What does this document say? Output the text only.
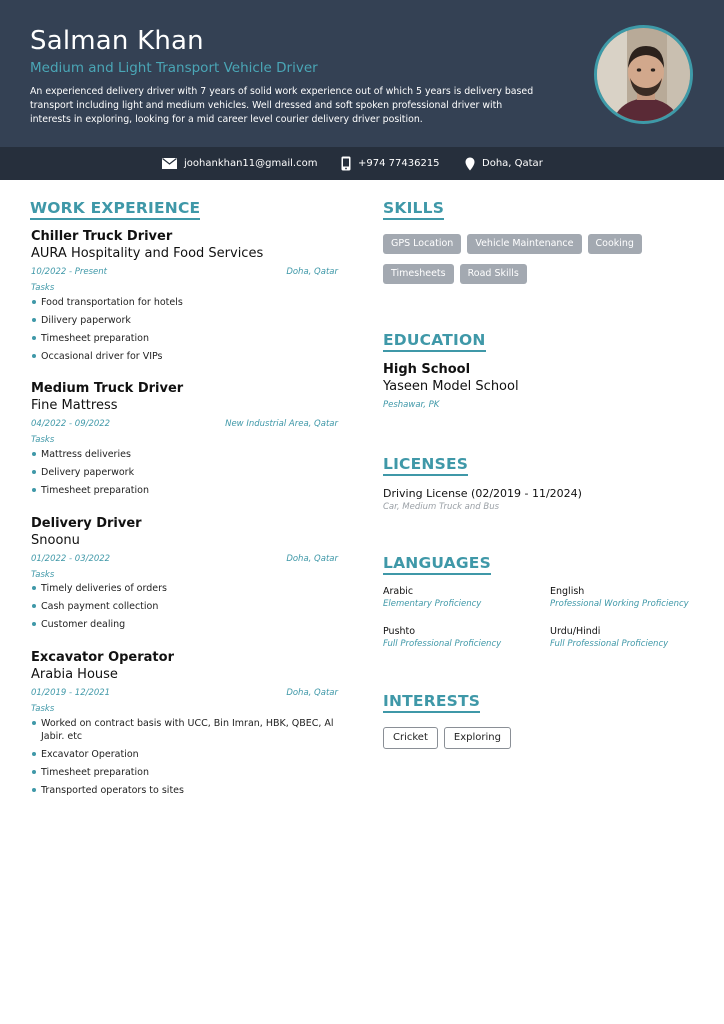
Salman Khan
Medium and Light Transport Vehicle Driver
An experienced delivery driver with 7 years of solid work experience out of which 5 years is delivery based transport including light and medium vehicles. Well dressed and soft spoken professional driver with interests in exploring, looking for a mid career level courier delivery driver position.
joohankhan11@gmail.com	+974 77436215	Doha, Qatar
WORK EXPERIENCE
Chiller Truck Driver
AURA Hospitality and Food Services
10/2022 - Present	Doha, Qatar
Tasks
Food transportation for hotels
Dilivery paperwork
Timesheet preparation
Occasional driver for VIPs
Medium Truck Driver
Fine Mattress
04/2022 - 09/2022	New Industrial Area, Qatar
Tasks
Mattress deliveries
Delivery paperwork
Timesheet preparation
Delivery Driver
Snoonu
01/2022 - 03/2022	Doha, Qatar
Tasks
Timely deliveries of orders
Cash payment collection
Customer dealing
Excavator Operator
Arabia House
01/2019 - 12/2021	Doha, Qatar
Tasks
Worked on contract basis with UCC, Bin Imran, HBK, QBEC, Al Jabir. etc
Excavator Operation
Timesheet preparation
Transported operators to sites
SKILLS
GPS Location	Vehicle Maintenance	Cooking
Timesheets	Road Skills
EDUCATION
High School
Yaseen Model School
Peshawar, PK
LICENSES
Driving License (02/2019 - 11/2024)
Car, Medium Truck and Bus
LANGUAGES
Arabic
Elementary Proficiency
English
Professional Working Proficiency
Pushto
Full Professional Proficiency
Urdu/Hindi
Full Professional Proficiency
INTERESTS
Cricket	Exploring
